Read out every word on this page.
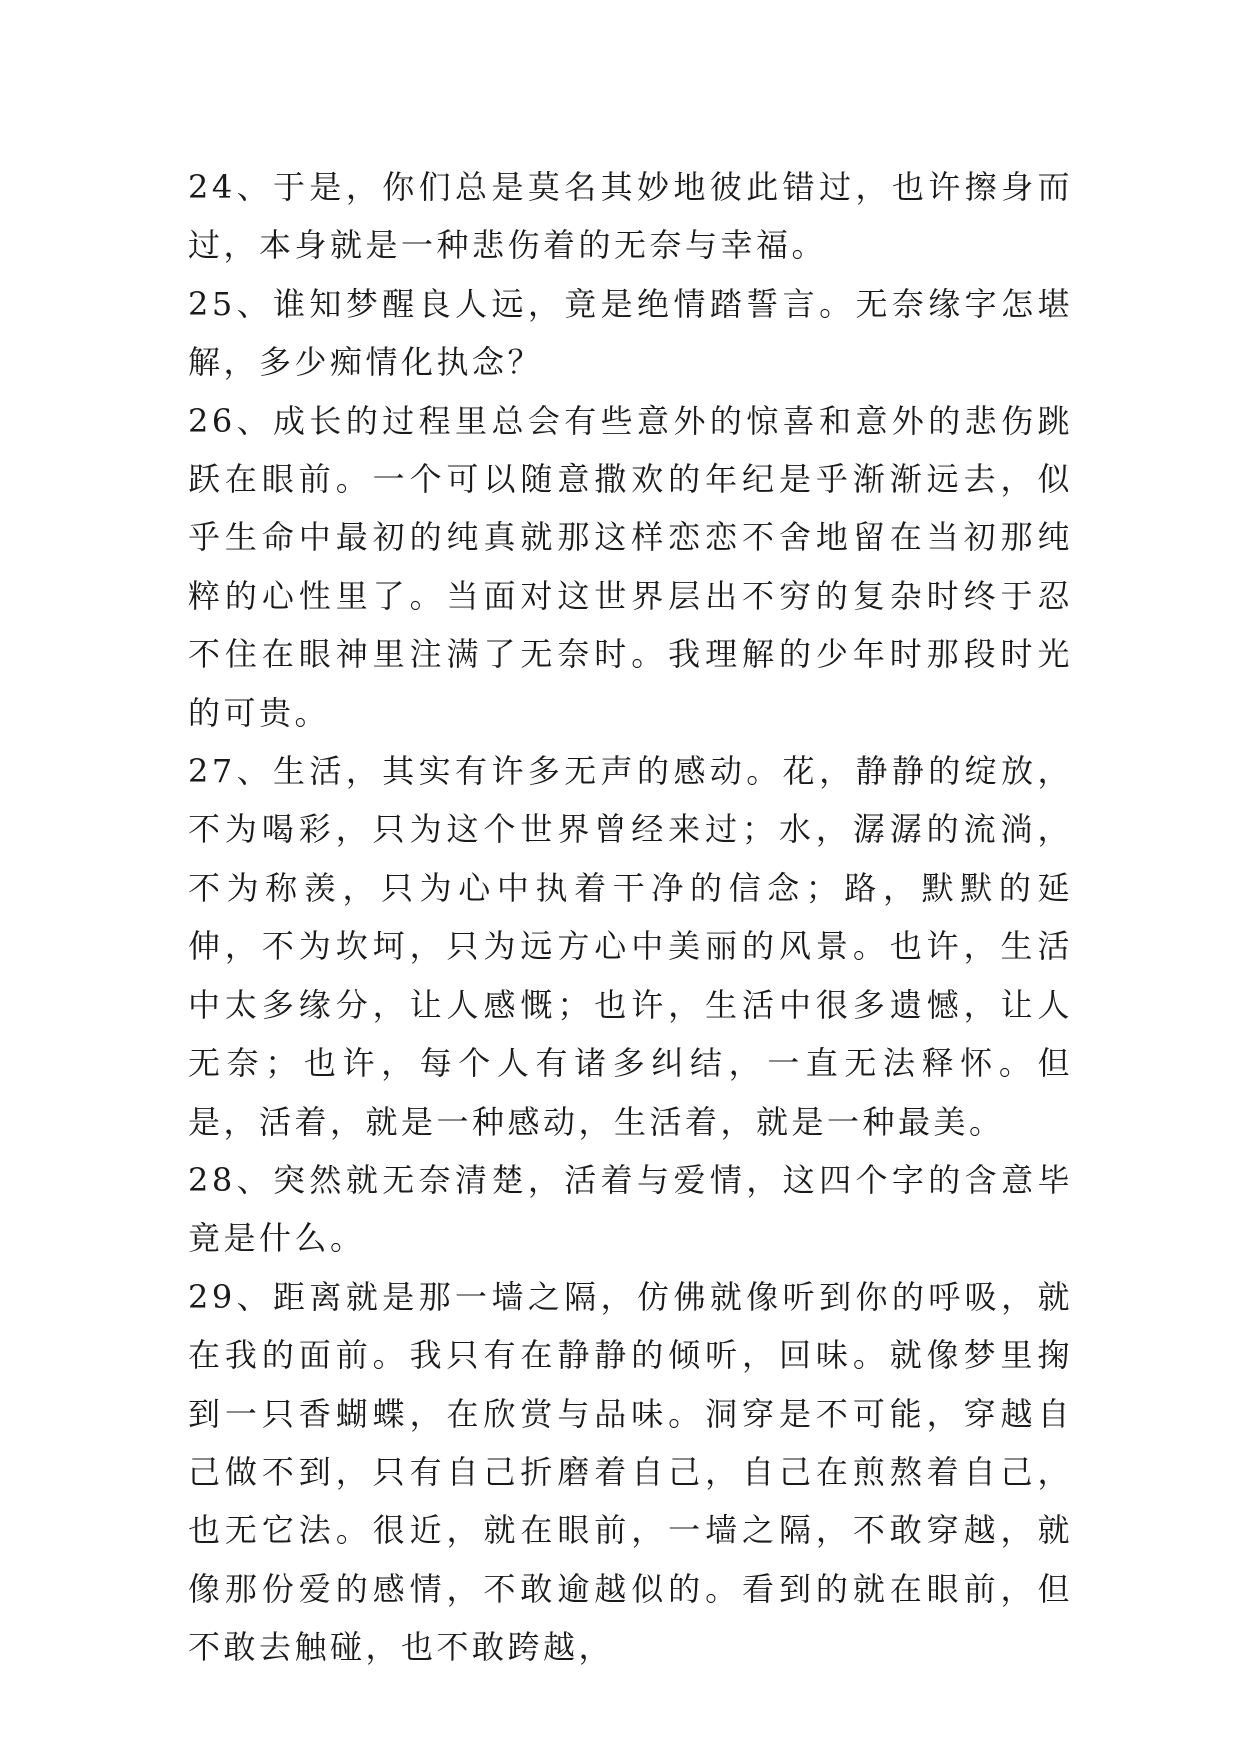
24、于是，你们总是莫名其妙地彼此错过，也许擦身而过，本身就是一种悲伤着的无奈与幸福。

25、谁知梦醒良人远，竟是绝情踏誓言。无奈缘字怎堪解，多少痴情化执念？

26、成长的过程里总会有些意外的惊喜和意外的悲伤跳跃在眼前。一个可以随意撒欢的年纪是乎渐渐远去，似乎生命中最初的纯真就那这样恋恋不舍地留在当初那纯粹的心性里了。当面对这世界层出不穷的复杂时终于忍不住在眼神里注满了无奈时。我理解的少年时那段时光的可贵。

27、生活，其实有许多无声的感动。花，静静的绽放，不为喝彩，只为这个世界曾经来过；水，潺潺的流淌，不为称羡，只为心中执着干净的信念；路，默默的延伸，不为坎坷，只为远方心中美丽的风景。也许，生活中太多缘分，让人感慨；也许，生活中很多遗憾，让人无奈；也许，每个人有诸多纠结，一直无法释怀。但是，活着，就是一种感动，生活着，就是一种最美。

28、突然就无奈清楚，活着与爱情，这四个字的含意毕竟是什么。

29、距离就是那一墙之隔，仿佛就像听到你的呼吸，就在我的面前。我只有在静静的倾听，回味。就像梦里掬到一只香蝴蝶，在欣赏与品味。洞穿是不可能，穿越自己做不到，只有自己折磨着自己，自己在煎熬着自己，也无它法。很近，就在眼前，一墙之隔，不敢穿越，就像那份爱的感情，不敢逾越似的。看到的就在眼前，但不敢去触碰，也不敢跨越，
